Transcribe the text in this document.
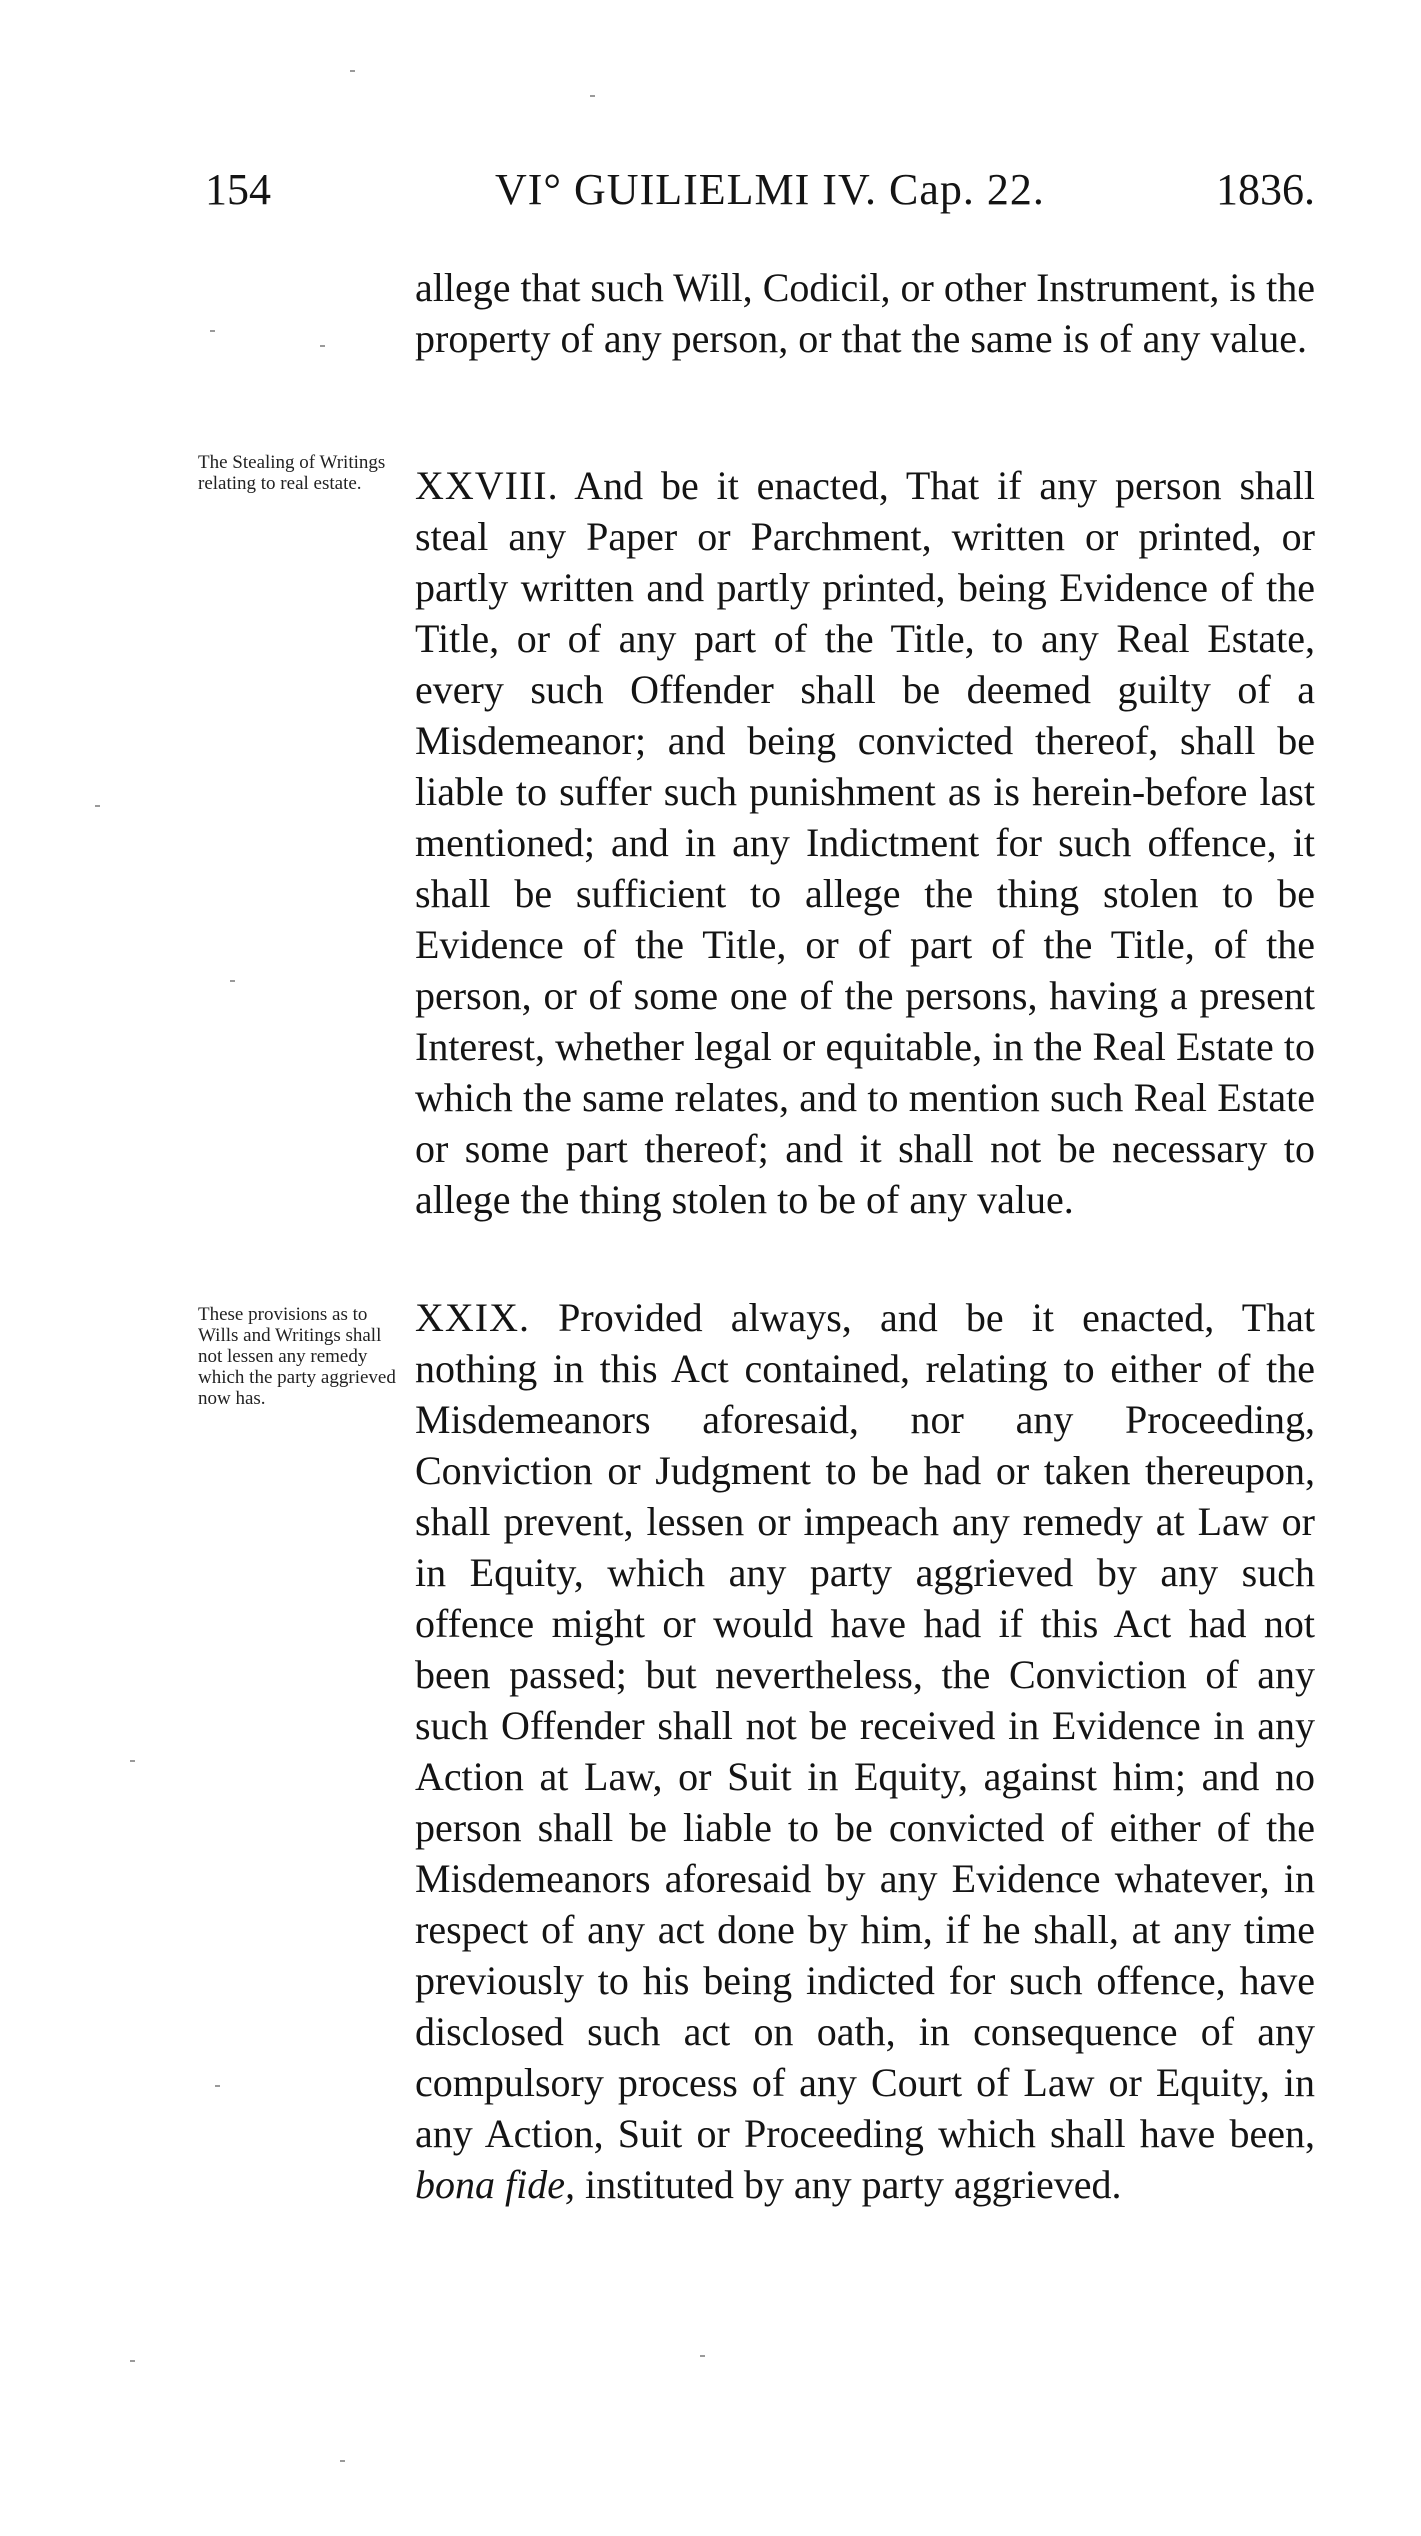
154	VI° GUILIELMI IV. Cap. 22.	1836.

allege that such Will, Codicil, or other Instrument, is the property of any person, or that the same is of any value.

The Stealing of Writings relating to real estate.	XXVIII. And be it enacted, That if any person shall steal any Paper or Parchment, written or printed, or partly written and partly printed, being Evidence of the Title, or of any part of the Title, to any Real Estate, every such Offender shall be deemed guilty of a Misdemeanor; and being convicted thereof, shall be liable to suffer such punishment as is herein-before last mentioned; and in any Indictment for such offence, it shall be sufficient to allege the thing stolen to be Evidence of the Title, or of part of the Title, of the person, or of some one of the persons, having a present Interest, whether legal or equitable, in the Real Estate to which the same relates, and to mention such Real Estate or some part thereof; and it shall not be necessary to allege the thing stolen to be of any value.

These provisions as to Wills and Writings shall not lessen any remedy which the party aggrieved now has.

XXIX. Provided always, and be it enacted, That nothing in this Act contained, relating to either of the Misdemeanors aforesaid, nor any Proceeding, Conviction or Judgment to be had or taken thereupon, shall prevent, lessen or impeach any remedy at Law or in Equity, which any party aggrieved by any such offence might or would have had if this Act had not been passed; but nevertheless, the Conviction of any such Offender shall not be received in Evidence in any Action at Law, or Suit in Equity, against him; and no person shall be liable to be convicted of either of the Misdemeanors aforesaid by any Evidence whatever, in respect of any act done by him, if he shall, at any time previously to his being indicted for such offence, have disclosed such act on oath, in consequence of any compulsory process of any Court of Law or Equity, in any Action, Suit or Proceeding which shall have been, bona fide, instituted by any party aggrieved.
